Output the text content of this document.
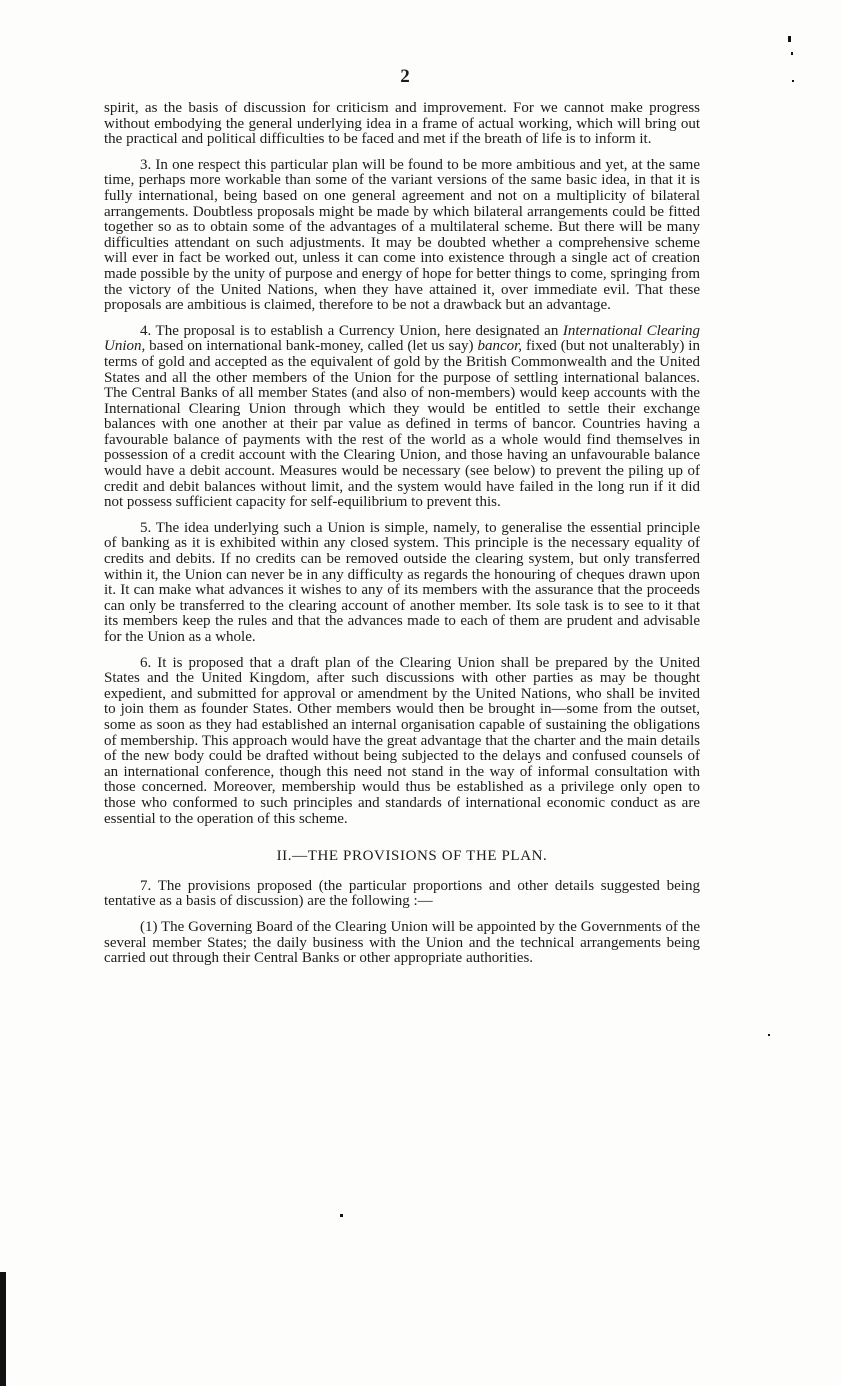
2

spirit, as the basis of discussion for criticism and improvement. For we cannot make progress without embodying the general underlying idea in a frame of actual working, which will bring out the practical and political difficulties to be faced and met if the breath of life is to inform it.

3. In one respect this particular plan will be found to be more ambitious and yet, at the same time, perhaps more workable than some of the variant versions of the same basic idea, in that it is fully international, being based on one general agreement and not on a multiplicity of bilateral arrangements. Doubtless proposals might be made by which bilateral arrangements could be fitted together so as to obtain some of the advantages of a multilateral scheme. But there will be many difficulties attendant on such adjustments. It may be doubted whether a comprehensive scheme will ever in fact be worked out, unless it can come into existence through a single act of creation made possible by the unity of purpose and energy of hope for better things to come, springing from the victory of the United Nations, when they have attained it, over immediate evil. That these proposals are ambitious is claimed, therefore to be not a drawback but an advantage.

4. The proposal is to establish a Currency Union, here designated an International Clearing Union, based on international bank-money, called (let us say) bancor, fixed (but not unalterably) in terms of gold and accepted as the equivalent of gold by the British Commonwealth and the United States and all the other members of the Union for the purpose of settling international balances. The Central Banks of all member States (and also of non-members) would keep accounts with the International Clearing Union through which they would be entitled to settle their exchange balances with one another at their par value as defined in terms of bancor. Countries having a favourable balance of payments with the rest of the world as a whole would find themselves in possession of a credit account with the Clearing Union, and those having an unfavourable balance would have a debit account. Measures would be necessary (see below) to prevent the piling up of credit and debit balances without limit, and the system would have failed in the long run if it did not possess sufficient capacity for self-equilibrium to prevent this.

5. The idea underlying such a Union is simple, namely, to generalise the essential principle of banking as it is exhibited within any closed system. This principle is the necessary equality of credits and debits. If no credits can be removed outside the clearing system, but only transferred within it, the Union can never be in any difficulty as regards the honouring of cheques drawn upon it. It can make what advances it wishes to any of its members with the assurance that the proceeds can only be transferred to the clearing account of another member. Its sole task is to see to it that its members keep the rules and that the advances made to each of them are prudent and advisable for the Union as a whole.

6. It is proposed that a draft plan of the Clearing Union shall be prepared by the United States and the United Kingdom, after such discussions with other parties as may be thought expedient, and submitted for approval or amendment by the United Nations, who shall be invited to join them as founder States. Other members would then be brought in—some from the outset, some as soon as they had established an internal organisation capable of sustaining the obligations of membership. This approach would have the great advantage that the charter and the main details of the new body could be drafted without being subjected to the delays and confused counsels of an international conference, though this need not stand in the way of informal consultation with those concerned. Moreover, membership would thus be established as a privilege only open to those who conformed to such principles and standards of international economic conduct as are essential to the operation of this scheme.

II.—THE PROVISIONS OF THE PLAN.

7. The provisions proposed (the particular proportions and other details suggested being tentative as a basis of discussion) are the following :—

(1) The Governing Board of the Clearing Union will be appointed by the Governments of the several member States; the daily business with the Union and the technical arrangements being carried out through their Central Banks or other appropriate authorities.
